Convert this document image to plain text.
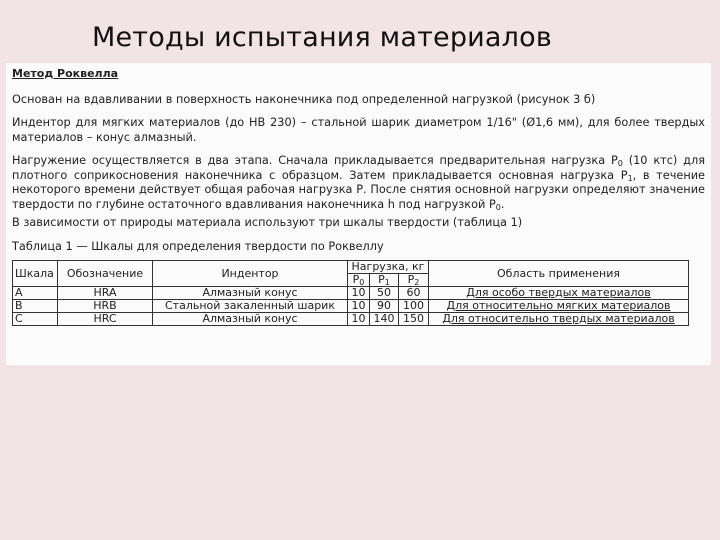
Методы испытания материалов

Метод Роквелла

Основан на вдавливании в поверхность наконечника под определенной нагрузкой (рисунок 3 б)

Индентор для мягких материалов (до НВ 230) – стальной шарик диаметром 1/16" (Ø1,6 мм), для более твердых материалов – конус алмазный.

Нагружение осуществляется в два этапа. Сначала прикладывается предварительная нагрузка $P_0$ (10 ктс) для плотного соприкосновения наконечника с образцом. Затем прикладывается основная нагрузка $P_1$, в течение некоторого времени действует общая рабочая нагрузка Р. После снятия основной нагрузки определяют значение твердости по глубине остаточного вдавливания наконечника h под нагрузкой $P_0$.

В зависимости от природы материала используют три шкалы твердости (таблица 1)

Таблица 1 — Шкалы для определения твердости по Роквеллу

Шкала	Обозначение	Индентор	Нагрузка, кг			Область применения
			$P_0$	$P_1$	$P_2$
A	HRA	Алмазный конус	10	50	60	Для особо твердых материалов
B	HRB	Стальной закаленный шарик	10	90	100	Для относительно мягких материалов
C	HRC	Алмазный конус	10	140	150	Для относительно твердых материалов
